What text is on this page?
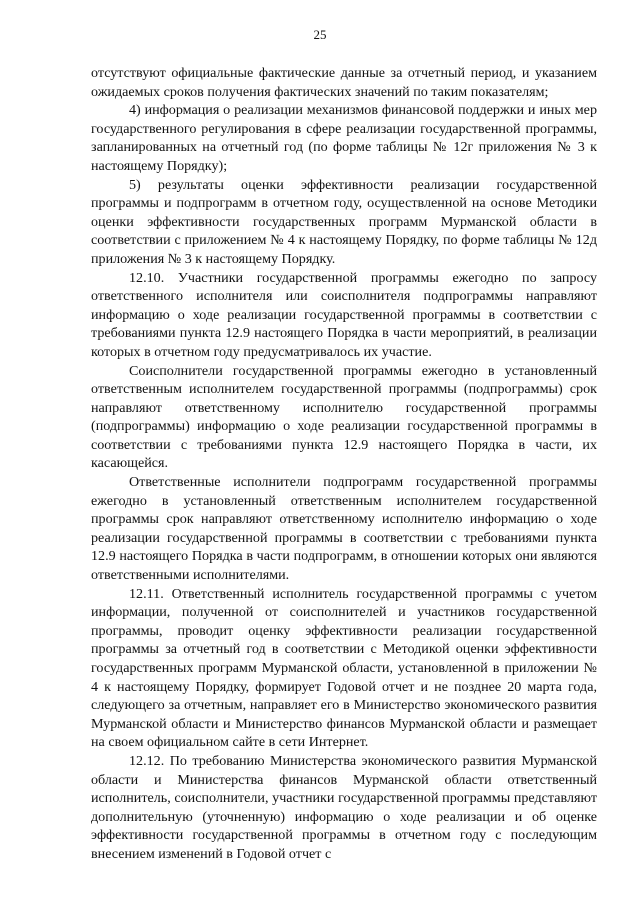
25

отсутствуют официальные фактические данные за отчетный период, и указанием ожидаемых сроков получения фактических значений по таким показателям;

4) информация о реализации механизмов финансовой поддержки и иных мер государственного регулирования в сфере реализации государственной программы, запланированных на отчетный год (по форме таблицы № 12г приложения № 3 к настоящему Порядку);

5) результаты оценки эффективности реализации государственной программы и подпрограмм в отчетном году, осуществленной на основе Методики оценки эффективности государственных программ Мурманской области в соответствии с приложением № 4 к настоящему Порядку, по форме таблицы № 12д приложения № 3 к настоящему Порядку.

12.10. Участники государственной программы ежегодно по запросу ответственного исполнителя или соисполнителя подпрограммы направляют информацию о ходе реализации государственной программы в соответствии с требованиями пункта 12.9 настоящего Порядка в части мероприятий, в реализации которых в отчетном году предусматривалось их участие.

Соисполнители государственной программы ежегодно в установленный ответственным исполнителем государственной программы (подпрограммы) срок направляют ответственному исполнителю государственной программы (подпрограммы) информацию о ходе реализации государственной программы в соответствии с требованиями пункта 12.9 настоящего Порядка в части, их касающейся.

Ответственные исполнители подпрограмм государственной программы ежегодно в установленный ответственным исполнителем государственной программы срок направляют ответственному исполнителю информацию о ходе реализации государственной программы в соответствии с требованиями пункта 12.9 настоящего Порядка в части подпрограмм, в отношении которых они являются ответственными исполнителями.

12.11. Ответственный исполнитель государственной программы с учетом информации, полученной от соисполнителей и участников государственной программы, проводит оценку эффективности реализации государственной программы за отчетный год в соответствии с Методикой оценки эффективности государственных программ Мурманской области, установленной в приложении № 4 к настоящему Порядку, формирует Годовой отчет и не позднее 20 марта года, следующего за отчетным, направляет его в Министерство экономического развития Мурманской области и Министерство финансов Мурманской области и размещает на своем официальном сайте в сети Интернет.

12.12. По требованию Министерства экономического развития Мурманской области и Министерства финансов Мурманской области ответственный исполнитель, соисполнители, участники государственной программы представляют дополнительную (уточненную) информацию о ходе реализации и об оценке эффективности государственной программы в отчетном году с последующим внесением изменений в Годовой отчет с
